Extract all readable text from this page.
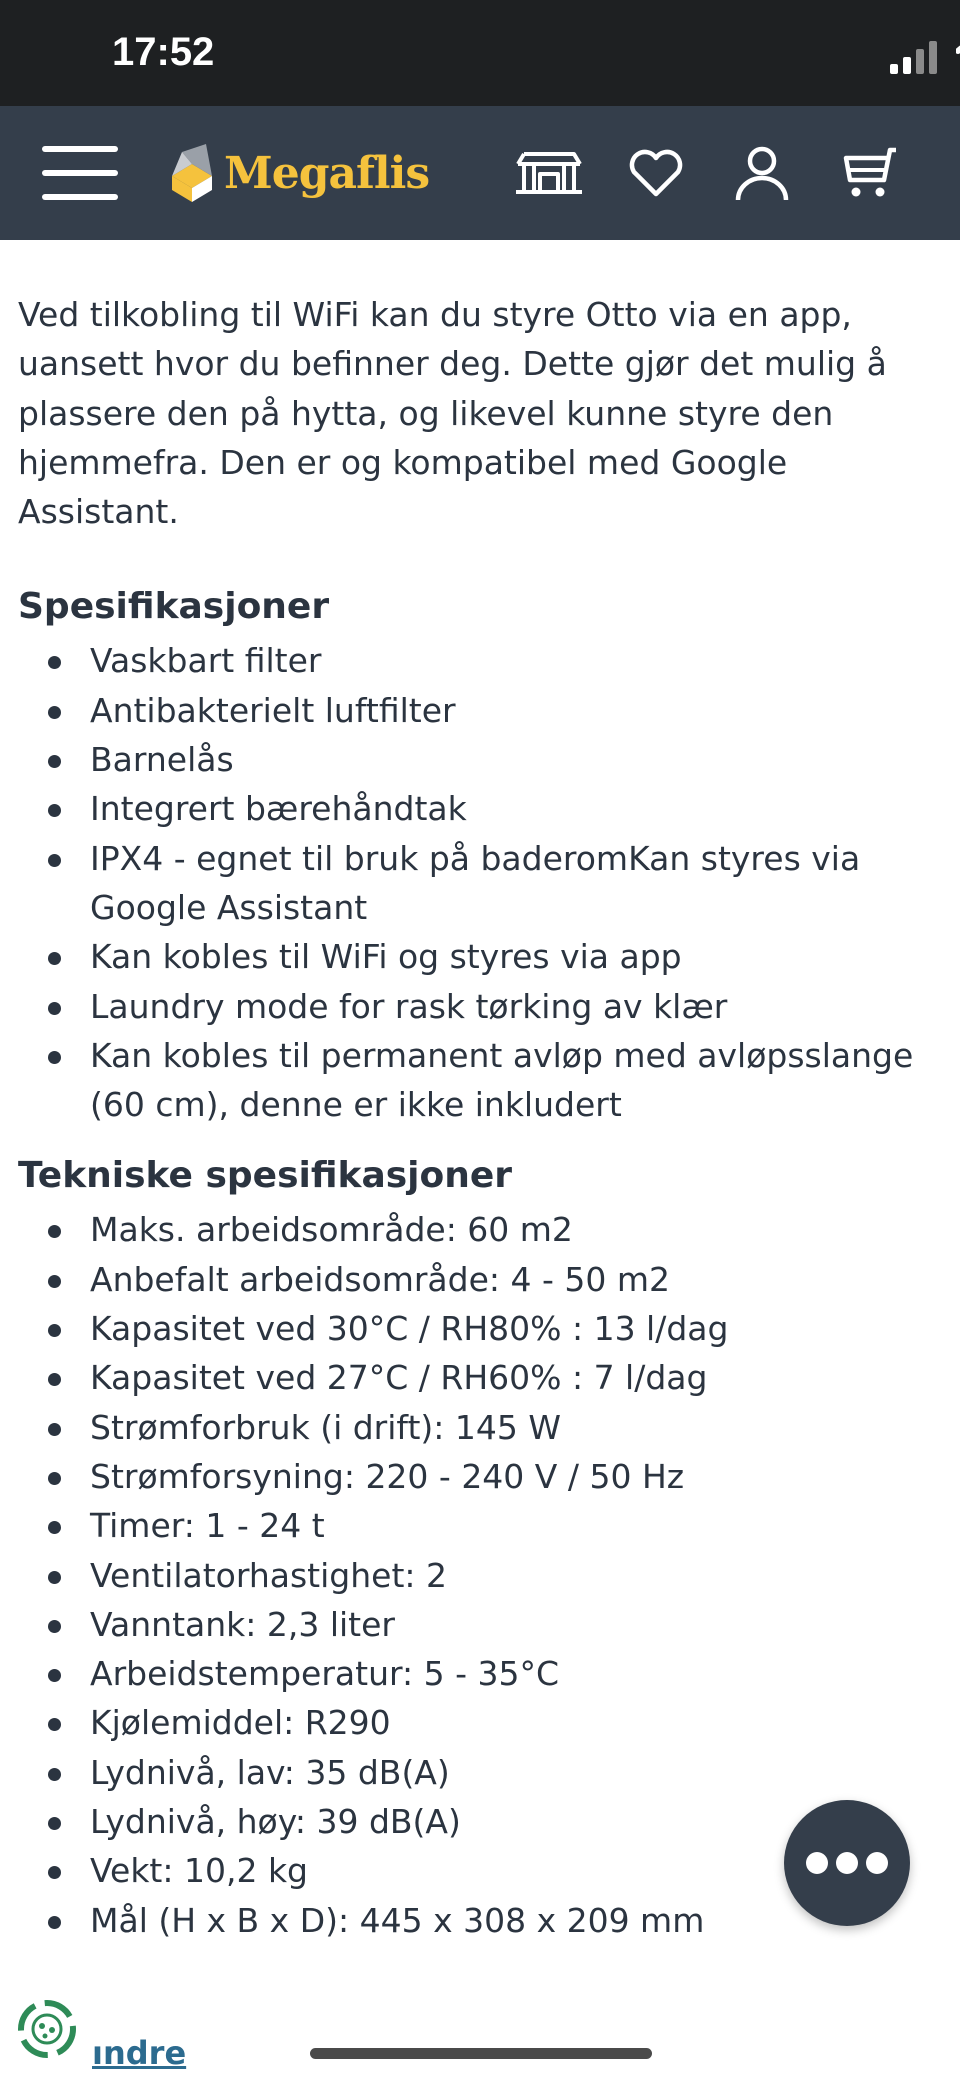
17:52
Megaflis

Ved tilkobling til WiFi kan du styre Otto via en app, uansett hvor du befinner deg. Dette gjør det mulig å plassere den på hytta, og likevel kunne styre den hjemmefra. Den er og kompatibel med Google Assistant.

Spesifikasjoner
Vaskbart filter
Antibakterielt luftfilter
Barnelås
Integrert bærehåndtak
IPX4 - egnet til bruk på baderomKan styres via Google Assistant
Kan kobles til WiFi og styres via app
Laundry mode for rask tørking av klær
Kan kobles til permanent avløp med avløpsslange (60 cm), denne er ikke inkludert
Tekniske spesifikasjoner
Maks. arbeidsområde: 60 m2
Anbefalt arbeidsområde: 4 - 50 m2
Kapasitet ved 30°C / RH80% : 13 l/dag
Kapasitet ved 27°C / RH60% : 7 l/dag
Strømforbruk (i drift): 145 W
Strømforsyning: 220 - 240 V / 50 Hz
Timer: 1 - 24 t
Ventilatorhastighet: 2
Vanntank: 2,3 liter
Arbeidstemperatur: 5 - 35°C
Kjølemiddel: R290
Lydnivå, lav: 35 dB(A)
Lydnivå, høy: 39 dB(A)
Vekt: 10,2 kg
Mål (H x B x D): 445 x 308 x 209 mm
ındre
